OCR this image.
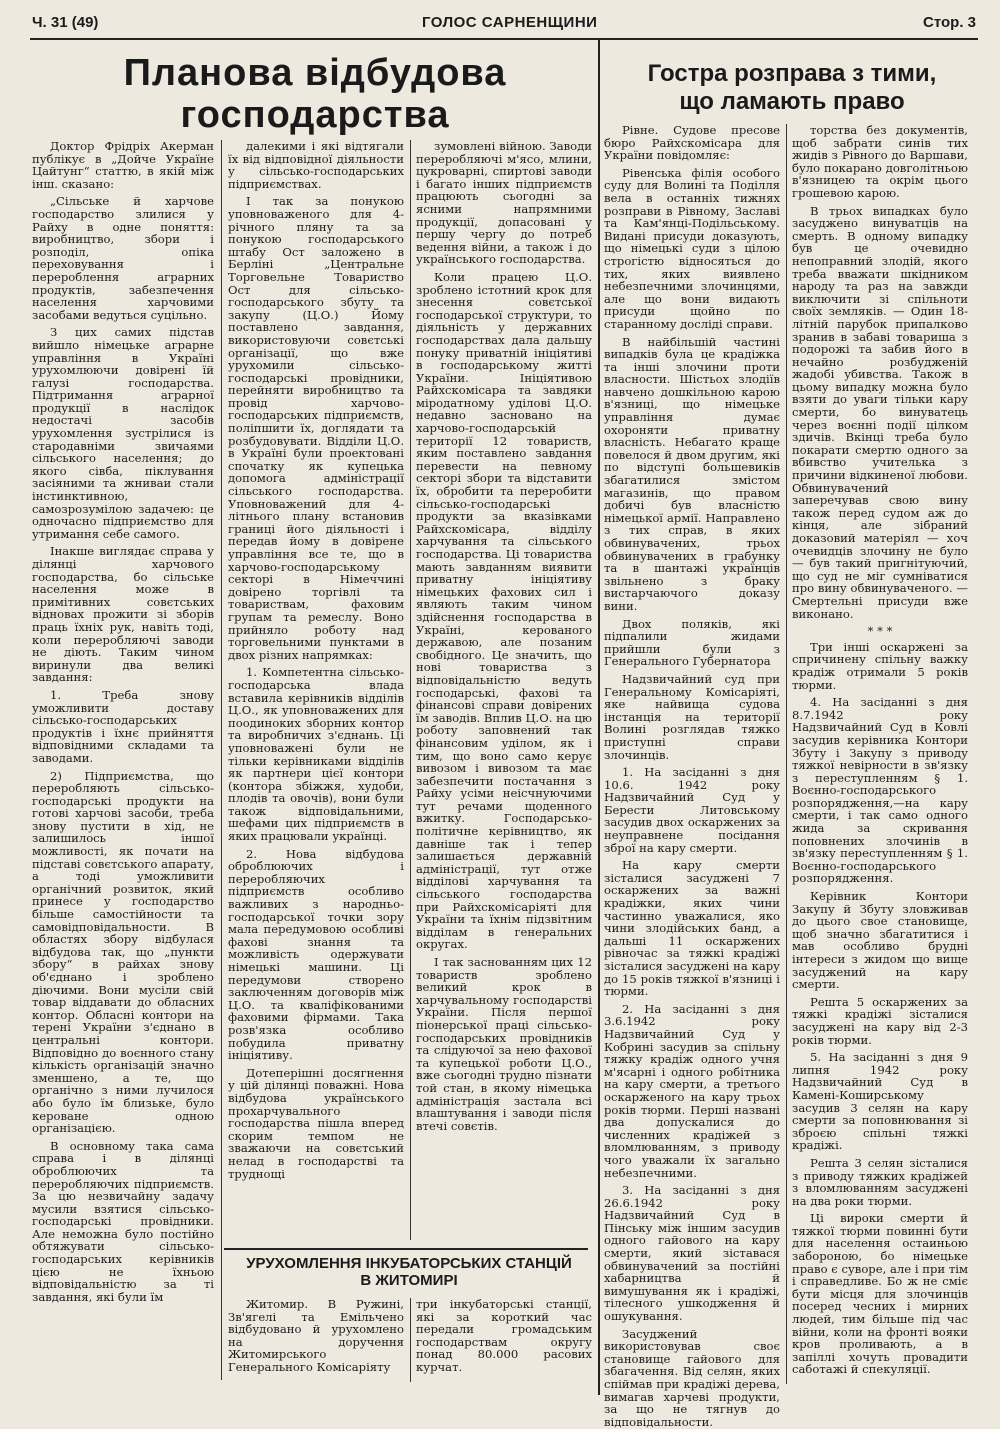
Ч. 31 (49)	ГОЛОС САРНЕНЩИНИ	Стор. 3
Планова відбудова
господарства

Доктор Фрідріх Акерман публікує в „Дойче Україне Цайтунг“ статтю, в якій між інш. сказано:

„Сільське й харчове господарство злилися у Райху в одне поняття: виробництво, збори і розподіл, опіка переховування і перероблення аграрних продуктів, забезпечення населення харчовими засобами ведуться суцільно.

З цих самих підстав вийшло німецьке аграрне управління в Україні урухомлюючи довірені їй галузі господарства. Підтримання аграрної продукції в наслідок недостачі засобів урухомлення зустрілися із стародавніми звичаями сільського населення; до якого сівба, піклування засіяними та жниваи стали інстинктивною, самозрозумілою задачею: це одночасно підприємство для утримання себе самого.

Інакше виглядає справа у ділянці харчового господарства, бо сільське населення може в примітивних совєтських відновах прожити зі зборів праць їхніх рук, навіть тоді, коли переробляючі заводи не діють. Таким чином виринули два великі завдання:

1. Треба знову уможливити доставу сільсько-господарських продуктів і їхнє прийняття відповідними складами та заводами.

2) Підприємства, що переробляють сільсько-господарські продукти на готові харчові засоби, треба знову пустити в хід, не залишилось іншої можливості, як почати на підставі совєтського апарату, а тоді уможливити органічний розвиток, який принесе у господарство більше самостійности та самовідповідальности. В областях збору відбулася відбудова так, що „пункти збору“ в райхах знову об'єднано і зроблено діючими. Вони мусіли свій товар віддавати до обласних контор. Обласні контори на терені України з'єднано в центральні контори. Відповідно до воєнного стану кількість організацій значно зменшено, а те, що органічно з ними лучилося або було їм близьке, було кероване одною організацією.

В основному така сама справа і в ділянці оброблюючих та переробляючих підприємств. За цю незвичайну задачу мусили взятися сільсько-господарські провідники. Але неможна було постійно обтяжувати сільсько-господарських керівників цією не їхньою відповідальністю за ті завдання, які були їм

далекими і які відтягали їх від відповідної діяльности у сільсько-господарських підприємствах.

І так за понукою уповноваженого для 4-річного пляну та за понукою господарського штабу Ост заложено в Берліні „Центральне Торговельне Товариство Ост для сільсько-господарського збуту та закупу (Ц.О.) Йому поставлено завдання, використовуючи совєтські організації, що вже урухомили сільсько-господарські провідники, перейняти виробництво та провід харчово-господарських підприємств, поліпшити їх, доглядати та розбудовувати. Відділи Ц.О. в Україні були проектовані спочатку як купецька допомога адміністрації сільського господарства. Уповноважений для 4-літнього плану встановив границі його діяльності і передав йому в довірене управління все те, що в харчово-господарському секторі в Німеччині довірено торгівлі та товариствам, фаховим групам та ремеслу. Воно прийняло роботу над торговельними пунктами в двох різних напрямках:

1. Компетентна сільсько-господарська влада вставила керівників відділів Ц.О., як уповноважених для поодиноких зборних контор та виробничих з'єднань. Ці уповноважені були не тільки керівниками відділів як партнери цієї контори (контора збіжжя, худоби, плодів та овочів), вони були також відповідальними, шефами цих підприємств в яких працювали українці.

2. Нова відбудова оброблюючих і переробляючих підприємств особливо важливих з народньо-господарської точки зору мала передумовою особливі фахові знання та можливість одержувати німецькі машини. Ці передумови створено заключенням договорів між Ц.О. та кваліфікованими фаховими фірмами. Така розв'язка особливо побудила приватну ініціятиву.

Дотеперішні досягнення у цій ділянці поважні. Нова відбудова українського прохарчувального господарства пішла вперед скорим темпом не зважаючи на совєтський нелад в господарстві та труднощі

зумовлені війною. Заводи переробляючі м'ясо, млини, цукроварні, спиртові заводи і багато інших підприємств працюють сьогодні за ясними напрямними продукції, допасовані у першу чергу до потреб ведення війни, а також і до українського господарства.

Коли працею Ц.О. зроблено істотний крок для знесення совєтської господарської структури, то діяльність у державних господарствах дала дальшу понуку приватній ініціятиві в господарському житті України. Ініціятивою Райхскомісара та завдяки міродатному уділові Ц.О. недавно засновано на харчово-господарській території 12 товариств, яким поставлено завдання перевести на певному секторі збори та відставити їх, обробити та переробити сільсько-господарські продукти за вказівками Райхскомісара, відділу харчування та сільського господарства. Ці товариства мають завданням виявити приватну ініціятиву німецьких фахових сил і являють таким чином здійснення господарства в Україні, керованого державою, але позаним свобідного. Це значить, що нові товариства з відповідальністю ведуть господарські, фахові та фінансові справи довірених їм заводів. Вплив Ц.О. на цю роботу заповнений так фінансовим уділом, як і тим, що воно само керує вивозом і вивозом та має забезпечити постачання з Райху усіми неісчнуючими тут речами щоденного вжитку. Господарсько-політичне керівництво, як давніше так і тепер залишається державній адміністрації, тут отже відділові харчування та сільського господарства при Райхскомісаріяті для України та їхнім підзвітним відділам в генеральних округах.

І так заснованням цих 12 товариств зроблено великий крок в харчувальному господарстві України. Після першої піонерської праці сільсько-господарських провідників та слідуючої за нею фахової та купецької роботи Ц.О., вже сьогодні трудно пізнати той стан, в якому німецька адміністрація застала всі влаштування і заводи після втечі совєтів.

УРУХОМЛЕННЯ ІНКУБАТОРСЬКИХ СТАНЦІЙ
В ЖИТОМИРІ

Житомир. В Ружині, Зв'ягелі та Емільчено відбудовано й урухомлено на доручення Житомирського Генерального Комісаріяту

три інкубаторські станції, які за короткий час передали громадським господарствам округу понад 80.000 расових курчат.

Гостра розправа з тими,
що ламають право

Рівне. Судове пресове бюро Райхскомісара для України повідомляє:

Рівенська філія особого суду для Волині та Поділля вела в останніх тижнях розправи в Рівному, Заславі та Кам'янці-Подільському. Видані присуди доказують, що німецькі суди з цілою строгістю відносяться до тих, яких виявлено небезпечними злочинцями, але що вони видають присуди щойно по старанному досліді справи.

В найбільшій частині випадків була це крадіжка та інші злочини проти власности. Шістьох злодіїв навчено дошкільною карою в'язниці, що німецьке управління думає охороняти приватну власність. Небагато краще повелося й двом другим, які по відступі большевиків збагатилися змістом магазинів, що правом добичі був власністю німецької армії. Направлено з тих справ, в яких обвинувачених, трьох обвинувачених в грабунку та в шантажі українців звільнено з браку вистарчаючого доказу вини.

Двох поляків, які підпалили жидами прийшли були з Генерального Губернатора

Надзвичайний суд при Генеральному Комісаріяті, яке найвища судова інстанція на території Волині розглядав тяжко приступні справи злочинців.

1. На засіданні з дня 10.6. 1942 року Надзвичайний Суд у Берести Литовському засудив двох оскаржених за неуправнене посідання зброї на кару смерти.

На кару смерти зісталися засуджені 7 оскаржених за важні крадіжки, яких чини частинно уважалися, яко чини злодійських банд, а дальші 11 оскаржених рівночас за тяжкі крадіжі зісталися засуджені на кару до 15 років тяжкої в'язниці і тюрми.

2. На засіданні з дня 3.6.1942 року Надзвичайний Суд у Кобрині засудив за спільну тяжку крадіж одного учня м'ясарні і одного робітника на кару смерти, а третього оскарженого на кару трьох років тюрми. Першi названi два допускалися до численних крадіжей з вломлюванням, з приводу чого уважали їх загально небезпечними.

3. На засіданні з дня 26.6.1942 року Надзвичайний Суд в Пінську між іншим засудив одного гайового на кару смерти, який зіставася обвинувачений за постійні хабарництва й вимушування як і крадіжі, тілесного ушкодження й ошукування.

Засуджений використовував своє становище гайового для збагачення. Від селян, яких спіймав при крадіжі дерева, вимагав харчеві продукти, за що не тягнув до відповідальности.

торства без документів, щоб забрати синів тих жидів з Рівного до Варшави, було покарано довголітньою в'язницею та окрім цього грошевою карою.

В трьох випадках було засуджено винуватців на смерть. В одному випадку був це очевидно непоправний злодій, якого треба вважати шкідником народу та раз на завжди виключити зі спільноти своїх земляків. — Один 18-літній парубок припалково зранив в забаві товариша з подорожі та забив його в нечайно розбудженій жадобі убивства. Також в цьому випадку можна було взяти до уваги тільки кару смерти, бо винуватець через воєнні події цілком здичів. Вкінці треба було покарати смертю одного за вбивство учителька з причини відкиненої любови. Обвинувачений заперечував свою вину також перед судом аж до кінця, але зібраний доказовий матеріял — хоч очевидців злочину не було — був такий пригнітуючий, що суд не мiг сумніватися про вину обвинуваченого. — Смертельні присуди вже виконано.

* * *

Три інші оскаржені за спричинену спільну важку крадіж отримали 5 років тюрми.

4. На засіданні з дня 8.7.1942 року Надзвичайний Суд в Ковлі засудив керівника Контори Збуту і Закупу з приводу тяжкої невірности в зв'язку з переступленням § 1. Воєнно-господарського розпорядження,—на кару смерти, і так само одного жида за скривання поповнених злочинів в зв'язку переступленням § 1. Воєнно-господарського розпорядження.

Керівник Контори Закупу й Збуту зловживав до цього свое становище, щоб значно збагатитися і мав особливо брудні інтереси з жидом що вище засуджений на кару смерти.

Решта 5 оскаржених за тяжкі крадіжі зісталися засуджені на кару від 2-3 років тюрми.

5. На засіданні з дня 9 липня 1942 року Надзвичайний Суд в Камені-Коширському засудив 3 селян на кару смерти за поповнювання зі зброєю спільні тяжкі крадіжі.

Решта 3 селян зісталися з приводу тяжких крадіжей з вломлюванням засуджені на два роки тюрми.

Ці вироки смерти й тяжкої тюрми повинні бути для населення остаиньою забороною, бо німецьке право є суворе, але і при тім і справедливе. Бо ж не смiє бути місця для злочинців посеред чесних і мирних людей, тим більше під час війни, коли на фронті вояки кров проливають, а в запіллі хочуть провадити саботажі й спекуляції.
